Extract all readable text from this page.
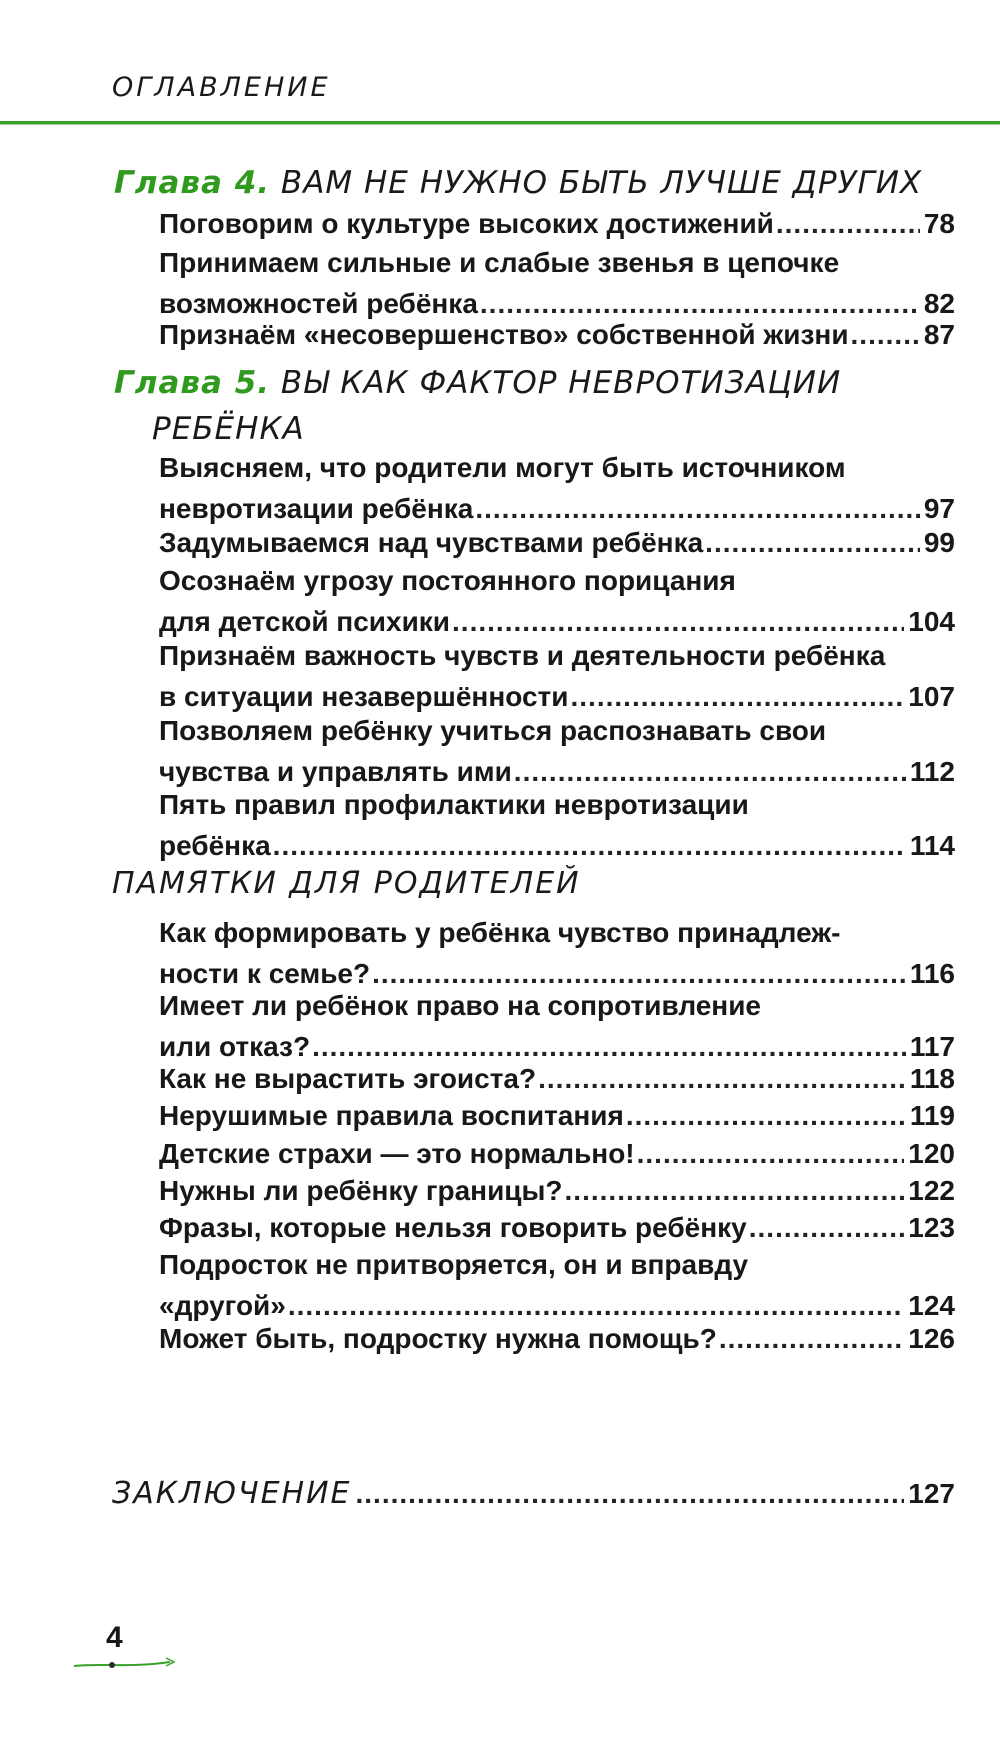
ОГЛАВЛЕНИЕ
Глава 4. ВАМ НЕ НУЖНО БЫТЬ ЛУЧШЕ ДРУГИХ
Поговорим о культуре высоких достижений .....	78
Принимаем сильные и слабые звенья в цепочке
возможностей ребёнка .....	82
Признаём «несовершенство» собственной жизни .....	87
Глава 5. ВЫ КАК ФАКТОР НЕВРОТИЗАЦИИ
РЕБЁНКА
Выясняем, что родители могут быть источником
невротизации ребёнка .....	97
Задумываемся над чувствами ребёнка .....	99
Осознаём угрозу постоянного порицания
для детской психики .....	104
Признаём важность чувств и деятельности ребёнка
в ситуации незавершённости .....	107
Позволяем ребёнку учиться распознавать свои
чувства и управлять ими .....	112
Пять правил профилактики невротизации
ребёнка .....	114
ПАМЯТКИ ДЛЯ РОДИТЕЛЕЙ
Как формировать у ребёнка чувство принадлеж-
ности к семье? .....	116
Имеет ли ребёнок право на сопротивление
или отказ? .....	117
Как не вырастить эгоиста? .....	118
Нерушимые правила воспитания .....	119
Детские страхи — это нормально! .....	120
Нужны ли ребёнку границы? .....	122
Фразы, которые нельзя говорить ребёнку .....	123
Подросток не притворяется, он и вправду
«другой» .....	124
Может быть, подростку нужна помощь? .....	126
ЗАКЛЮЧЕНИЕ .....	127
4
